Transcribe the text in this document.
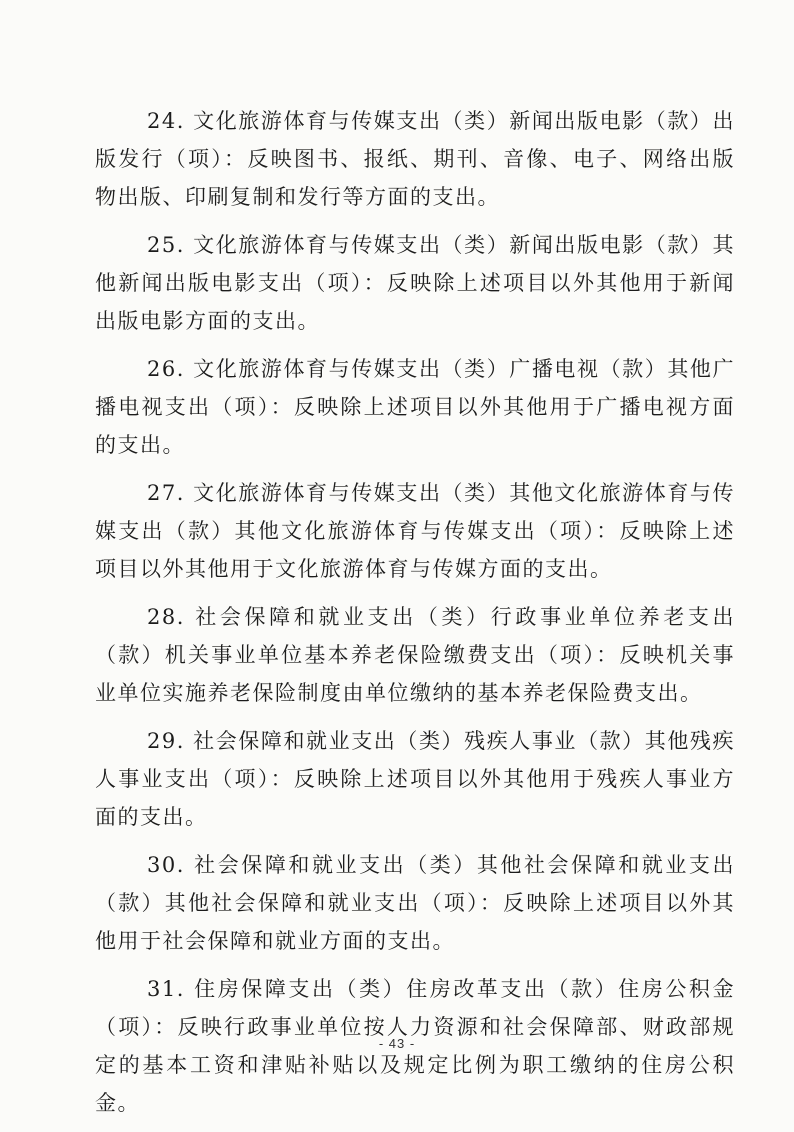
24. 文化旅游体育与传媒支出（类）新闻出版电影（款）出版发行（项）：反映图书、报纸、期刊、音像、电子、网络出版物出版、印刷复制和发行等方面的支出。

25. 文化旅游体育与传媒支出（类）新闻出版电影（款）其他新闻出版电影支出（项）：反映除上述项目以外其他用于新闻出版电影方面的支出。

26. 文化旅游体育与传媒支出（类）广播电视（款）其他广播电视支出（项）：反映除上述项目以外其他用于广播电视方面的支出。

27. 文化旅游体育与传媒支出（类）其他文化旅游体育与传媒支出（款）其他文化旅游体育与传媒支出（项）：反映除上述项目以外其他用于文化旅游体育与传媒方面的支出。

28. 社会保障和就业支出（类）行政事业单位养老支出（款）机关事业单位基本养老保险缴费支出（项）：反映机关事业单位实施养老保险制度由单位缴纳的基本养老保险费支出。

29. 社会保障和就业支出（类）残疾人事业（款）其他残疾人事业支出（项）：反映除上述项目以外其他用于残疾人事业方面的支出。

30. 社会保障和就业支出（类）其他社会保障和就业支出（款）其他社会保障和就业支出（项）：反映除上述项目以外其他用于社会保障和就业方面的支出。

31. 住房保障支出（类）住房改革支出（款）住房公积金（项）：反映行政事业单位按人力资源和社会保障部、财政部规定的基本工资和津贴补贴以及规定比例为职工缴纳的住房公积金。

- 43 -
